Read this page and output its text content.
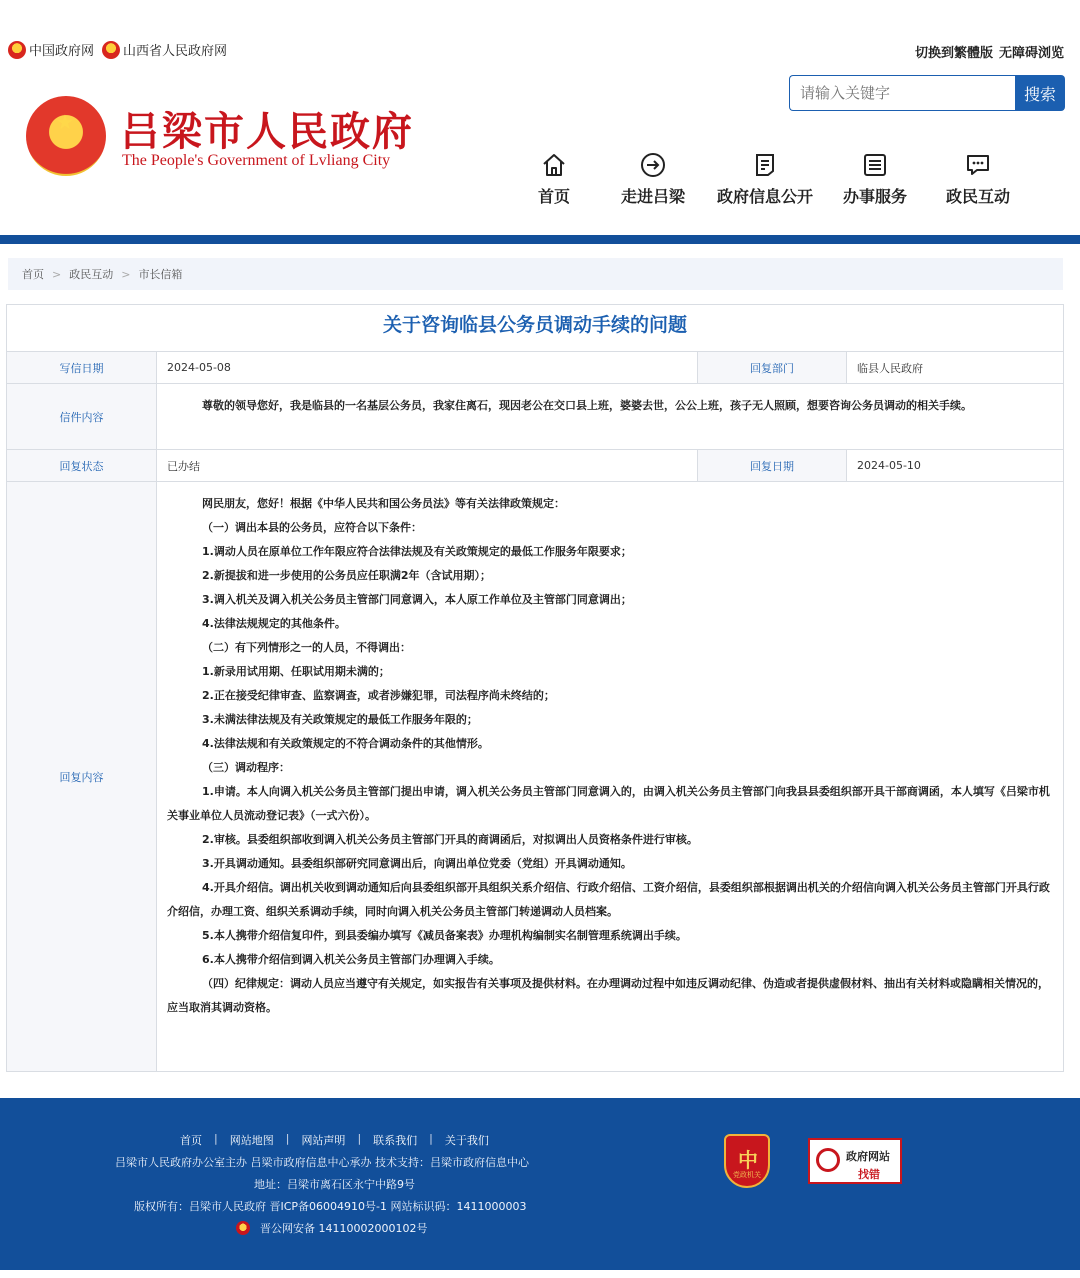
中国政府网 山西省人民政府网	切换到繁體版 无障碍浏览
★ 吕梁市人民政府
The People's Government of Lvliang City
请输入关键字
搜索
首页	走进吕梁	政府信息公开	办事服务	政民互动
首页 > 政民互动 > 市长信箱
关于咨询临县公务员调动手续的问题
写信日期	2024-05-08	回复部门	临县人民政府
信件内容
尊敬的领导您好，我是临县的一名基层公务员，我家住离石，现因老公在交口县上班，婆婆去世，公公上班，孩子无人照顾，想要咨询公务员调动的相关手续。
回复状态	已办结	回复日期	2024-05-10
回复内容

网民朋友，您好！根据《中华人民共和国公务员法》等有关法律政策规定：

（一）调出本县的公务员，应符合以下条件：

1.调动人员在原单位工作年限应符合法律法规及有关政策规定的最低工作服务年限要求；

2.新提拔和进一步使用的公务员应任职满2年（含试用期）；

3.调入机关及调入机关公务员主管部门同意调入，本人原工作单位及主管部门同意调出；

4.法律法规规定的其他条件。

（二）有下列情形之一的人员，不得调出：

1.新录用试用期、任职试用期未满的；

2.正在接受纪律审查、监察调查，或者涉嫌犯罪，司法程序尚未终结的；

3.未满法律法规及有关政策规定的最低工作服务年限的；

4.法律法规和有关政策规定的不符合调动条件的其他情形。

（三）调动程序：

1.申请。本人向调入机关公务员主管部门提出申请，调入机关公务员主管部门同意调入的，由调入机关公务员主管部门向我县县委组织部开具干部商调函，本人填写《吕梁市机关事业单位人员流动登记表》（一式六份）。

2.审核。县委组织部收到调入机关公务员主管部门开具的商调函后，对拟调出人员资格条件进行审核。

3.开具调动通知。县委组织部研究同意调出后，向调出单位党委（党组）开具调动通知。

4.开具介绍信。调出机关收到调动通知后向县委组织部开具组织关系介绍信、行政介绍信、工资介绍信，县委组织部根据调出机关的介绍信向调入机关公务员主管部门开具行政介绍信，办理工资、组织关系调动手续，同时向调入机关公务员主管部门转递调动人员档案。

5.本人携带介绍信复印件，到县委编办填写《减员备案表》办理机构编制实名制管理系统调出手续。

6.本人携带介绍信到调入机关公务员主管部门办理调入手续。

（四）纪律规定：调动人员应当遵守有关规定，如实报告有关事项及提供材料。在办理调动过程中如违反调动纪律、伪造或者提供虚假材料、抽出有关材料或隐瞒相关情况的，应当取消其调动资格。

首页 | 网站地图 | 网站声明 | 联系我们 | 关于我们
吕梁市人民政府办公室主办 吕梁市政府信息中心承办 技术支持：吕梁市政府信息中心
地址：吕梁市离石区永宁中路9号
版权所有：吕梁市人民政府 晋ICP备06004910号-1 网站标识码：1411000003
晋公网安备 14110002000102号
中
党政机关
政府网站
找错
